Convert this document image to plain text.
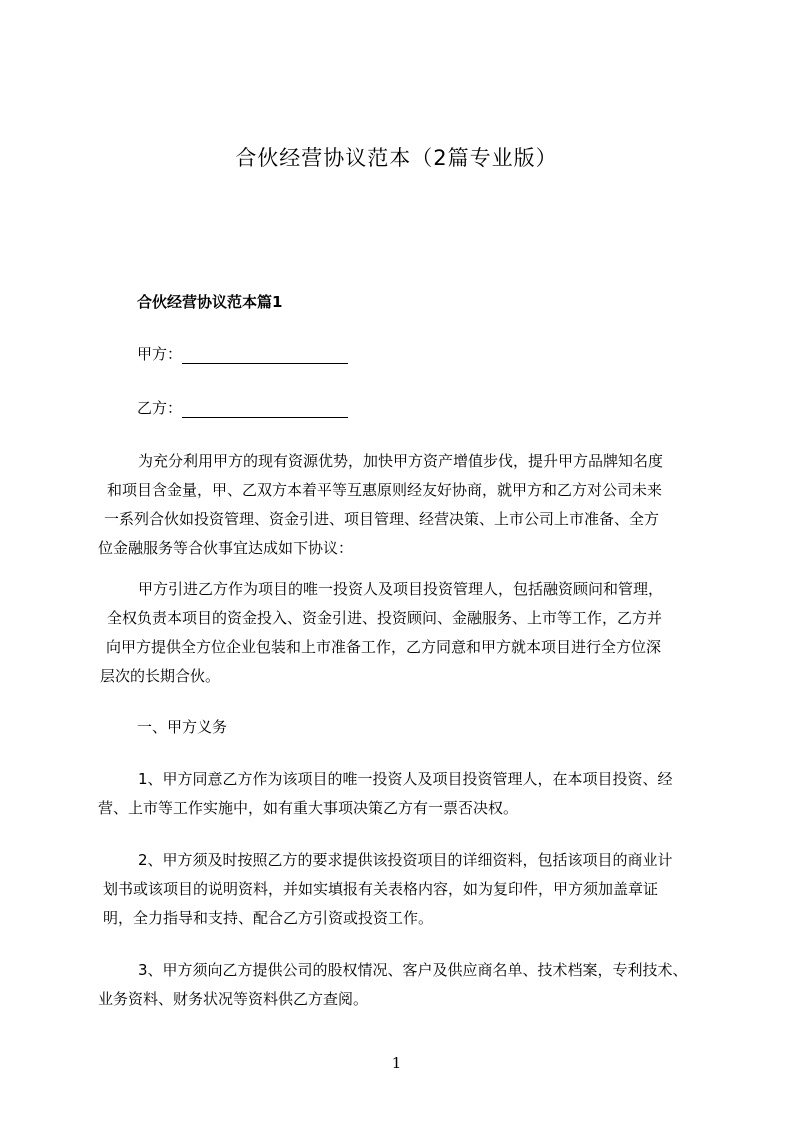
合伙经营协议范本（2篇专业版）
合伙经营协议范本篇1
甲方：
乙方：
为充分利用甲方的现有资源优势，加快甲方资产增值步伐，提升甲方品牌知名度
和项目含金量，甲、乙双方本着平等互惠原则经友好协商，就甲方和乙方对公司未来
一系列合伙如投资管理、资金引进、项目管理、经营决策、上市公司上市准备、全方
位金融服务等合伙事宜达成如下协议：
甲方引进乙方作为项目的唯一投资人及项目投资管理人，包括融资顾问和管理，
全权负责本项目的资金投入、资金引进、投资顾问、金融服务、上市等工作，乙方并
向甲方提供全方位企业包装和上市准备工作，乙方同意和甲方就本项目进行全方位深
层次的长期合伙。
一、甲方义务
1、甲方同意乙方作为该项目的唯一投资人及项目投资管理人，在本项目投资、经
营、上市等工作实施中，如有重大事项决策乙方有一票否决权。
2、甲方须及时按照乙方的要求提供该投资项目的详细资料，包括该项目的商业计
划书或该项目的说明资料，并如实填报有关表格内容，如为复印件，甲方须加盖章证
明，全力指导和支持、配合乙方引资或投资工作。
3、甲方须向乙方提供公司的股权情况、客户及供应商名单、技术档案，专利技术、
业务资料、财务状况等资料供乙方查阅。
1
